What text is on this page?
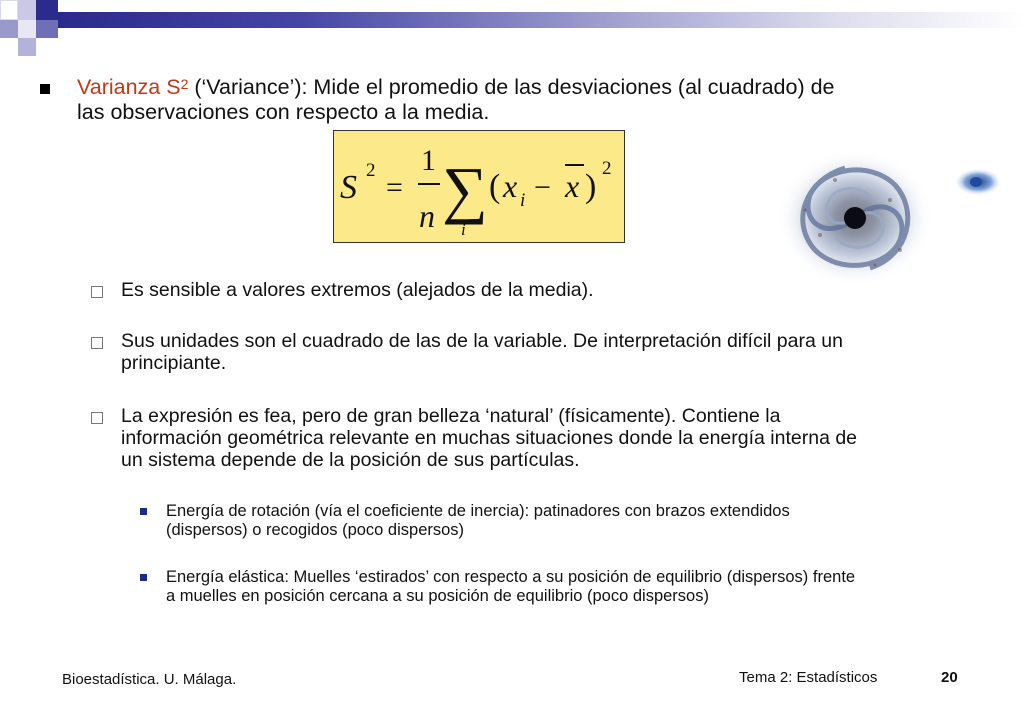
Varianza $S^2$ (‘Variance’): Mide el promedio de las desviaciones (al cuadrado) de
las observaciones con respecto a la media.
S 2
=
1
n ∑
i
( x i − x ) 2
Es sensible a valores extremos (alejados de la media).
Sus unidades son el cuadrado de las de la variable. De interpretación difícil para un
principiante.
La expresión es fea, pero de gran belleza ‘natural’ (físicamente). Contiene la
información geométrica relevante en muchas situaciones donde la energía interna de
un sistema depende de la posición de sus partículas.
Energía de rotación (vía el coeficiente de inercia): patinadores con brazos extendidos
(dispersos) o recogidos (poco dispersos)
Energía elástica: Muelles ‘estirados’ con respecto a su posición de equilibrio (dispersos) frente
a muelles en posición cercana a su posición de equilibrio (poco dispersos)
Bioestadística. U. Málaga.	Tema 2: Estadísticos	20
